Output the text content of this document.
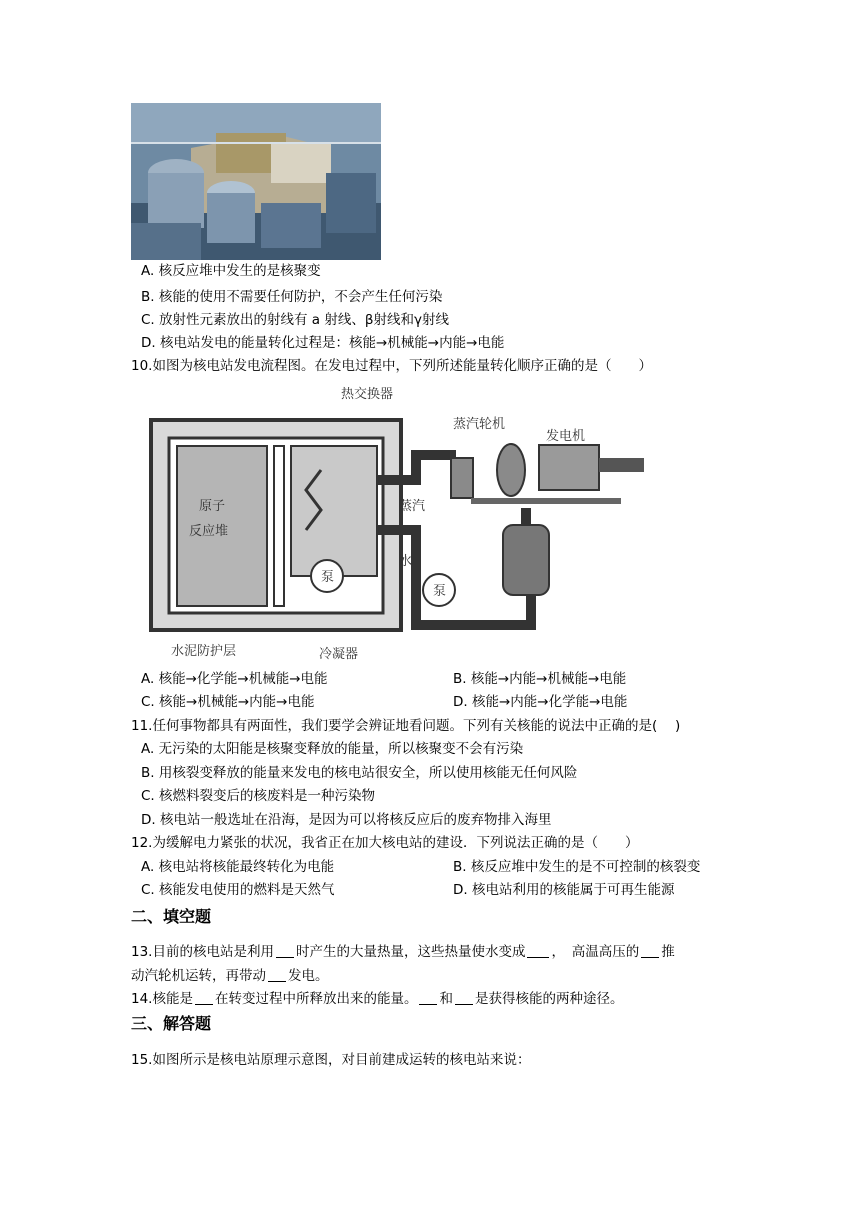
A. 核反应堆中发生的是核聚变
B. 核能的使用不需要任何防护，不会产生任何污染
C. 放射性元素放出的射线有 a 射线、β射线和γ射线
D. 核电站发电的能量转化过程是：核能→机械能→内能→电能
10.如图为核电站发电流程图。在发电过程中，下列所述能量转化顺序正确的是（　　）
热交换器
蒸汽轮机
发电机
原子
反应堆
蒸汽
水
泵
泵
水泥防护层	冷凝器
A. 核能→化学能→机械能→电能	B. 核能→内能→机械能→电能
C. 核能→机械能→内能→电能	D. 核能→内能→化学能→电能
11.任何事物都具有两面性，我们要学会辨证地看问题。下列有关核能的说法中正确的是(　 )
A. 无污染的太阳能是核聚变释放的能量，所以核聚变不会有污染
B. 用核裂变释放的能量来发电的核电站很安全，所以使用核能无任何风险
C. 核燃料裂变后的核废料是一种污染物
D. 核电站一般选址在沿海，是因为可以将核反应后的废弃物排入海里
12.为缓解电力紧张的状况，我省正在加大核电站的建设．下列说法正确的是（　　）
A. 核电站将核能最终转化为电能	B. 核反应堆中发生的是不可控制的核裂变
C. 核能发电使用的燃料是天然气	D. 核电站利用的核能属于可再生能源
二、填空题
13.目前的核电站是利用 时产生的大量热量，这些热量使水变成 ，　高温高压的 推
动汽轮机运转，再带动 发电。
14.核能是 在转变过程中所释放出来的能量。 和 是获得核能的两种途径。
三、解答题
15.如图所示是核电站原理示意图，对目前建成运转的核电站来说：
